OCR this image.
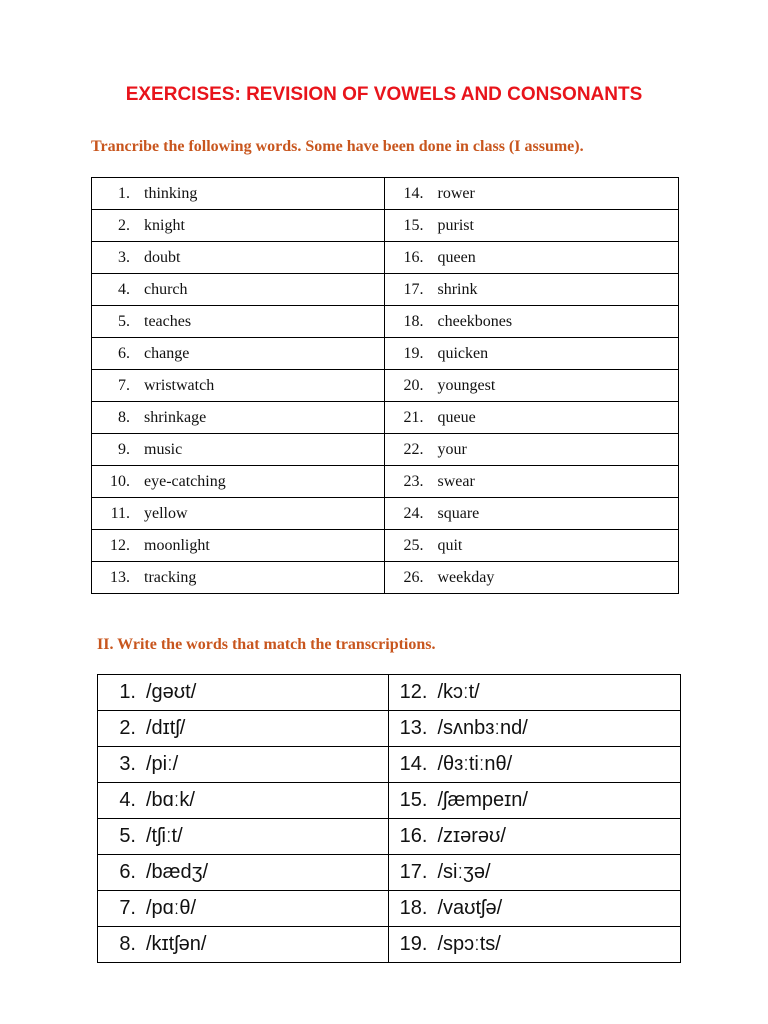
EXERCISES: REVISION OF VOWELS AND CONSONANTS
Trancribe the following words. Some have been done in class (I assume).
1. thinking	14. rower
2. knight	15. purist
3. doubt	16. queen
4. church	17. shrink
5. teaches	18. cheekbones
6. change	19. quicken
7. wristwatch	20. youngest
8. shrinkage	21. queue
9. music	22. your
10. eye-catching	23. swear
11. yellow	24. square
12. moonlight	25. quit
13. tracking	26. weekday
II. Write the words that match the transcriptions.
1. /gəʊt/	12. /kɔːt/
2. /dɪtʃ/	13. /sʌnbɜːnd/
3. /piː/	14. /θɜːtiːnθ/
4. /bɑːk/	15. /ʃæmpeɪn/
5. /tʃiːt/	16. /zɪərəʊ/
6. /bædʒ/	17. /siːʒə/
7. /pɑːθ/	18. /vaʊtʃə/
8. /kɪtʃən/	19. /spɔːts/
